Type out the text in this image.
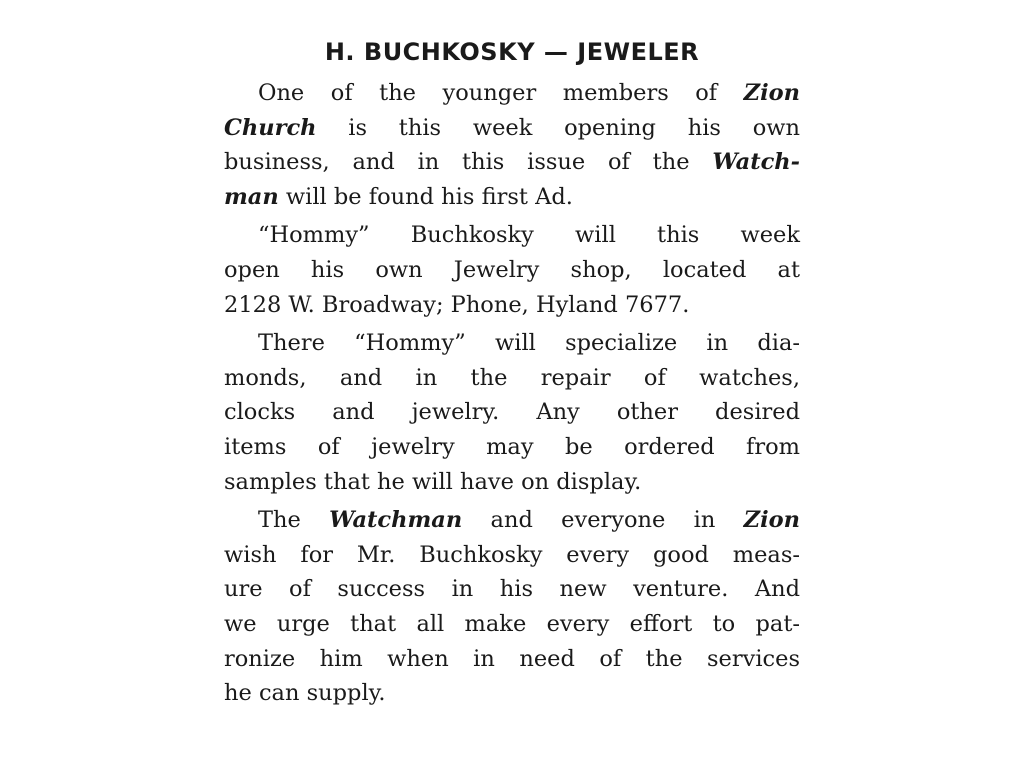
H. BUCHKOSKY — JEWELER
One of the younger members of Zion
Church is this week opening his own
business, and in this issue of the Watch-
man will be found his first Ad.
“Hommy” Buchkosky will this week
open his own Jewelry shop, located at
2128 W. Broadway; Phone, Hyland 7677.
There “Hommy” will specialize in dia-
monds, and in the repair of watches,
clocks and jewelry. Any other desired
items of jewelry may be ordered from
samples that he will have on display.
The Watchman and everyone in Zion
wish for Mr. Buchkosky every good meas-
ure of success in his new venture. And
we urge that all make every effort to pat-
ronize him when in need of the services
he can supply.
